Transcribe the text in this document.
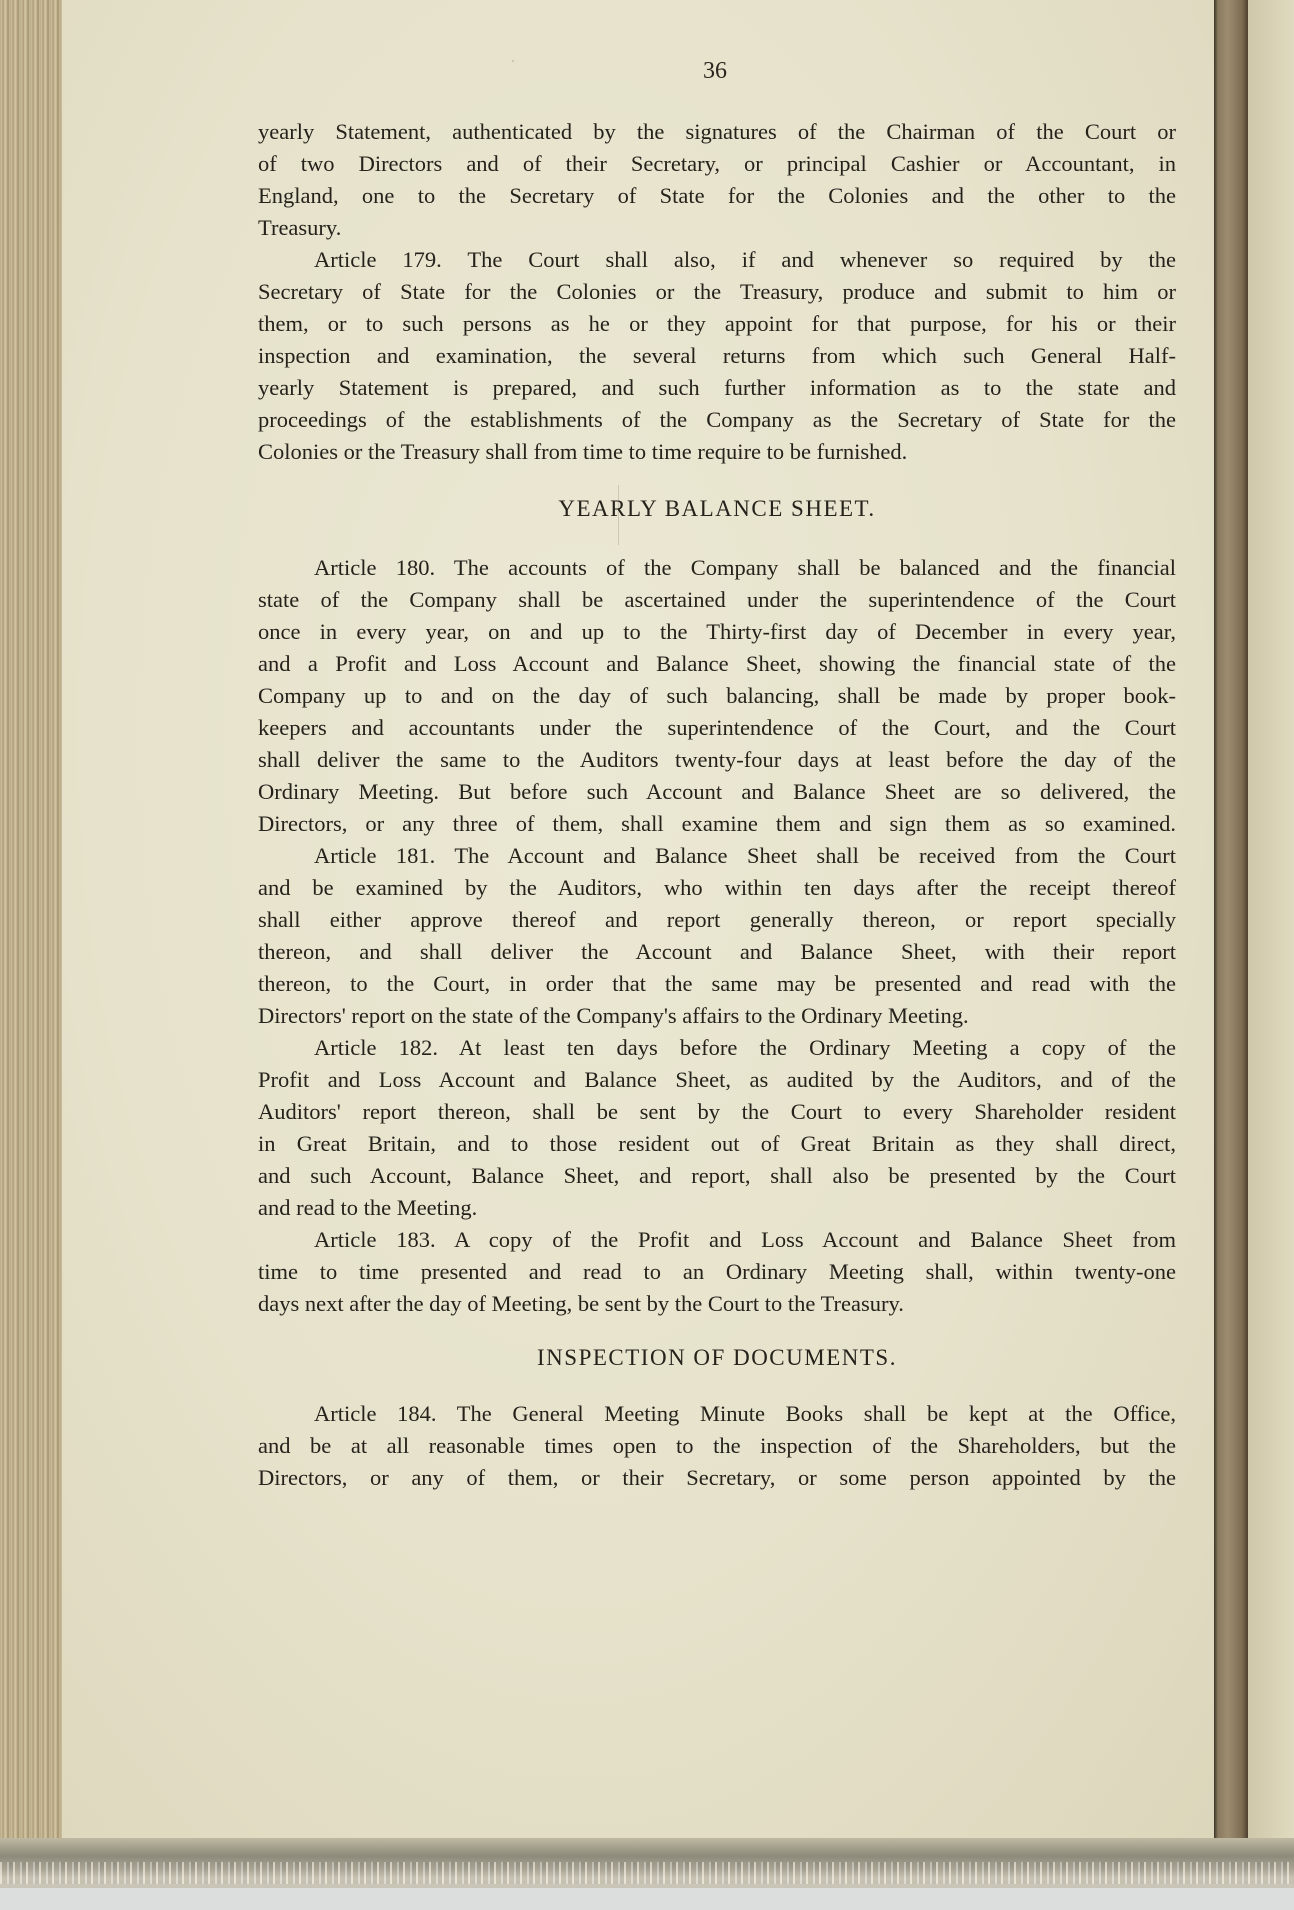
36
yearly Statement, authenticated by the signatures of the Chairman of the Court or
of two Directors and of their Secretary, or principal Cashier or Accountant, in
England, one to the Secretary of State for the Colonies and the other to the
Treasury.
Article 179. The Court shall also, if and whenever so required by the
Secretary of State for the Colonies or the Treasury, produce and submit to him or
them, or to such persons as he or they appoint for that purpose, for his or their
inspection and examination, the several returns from which such General Half-
yearly Statement is prepared, and such further information as to the state and
proceedings of the establishments of the Company as the Secretary of State for the
Colonies or the Treasury shall from time to time require to be furnished.
YEARLY BALANCE SHEET.
Article 180. The accounts of the Company shall be balanced and the financial
state of the Company shall be ascertained under the superintendence of the Court
once in every year, on and up to the Thirty-first day of December in every year,
and a Profit and Loss Account and Balance Sheet, showing the financial state of the
Company up to and on the day of such balancing, shall be made by proper book-
keepers and accountants under the superintendence of the Court, and the Court
shall deliver the same to the Auditors twenty-four days at least before the day of the
Ordinary Meeting. But before such Account and Balance Sheet are so delivered, the
Directors, or any three of them, shall examine them and sign them as so examined.
Article 181. The Account and Balance Sheet shall be received from the Court
and be examined by the Auditors, who within ten days after the receipt thereof
shall either approve thereof and report generally thereon, or report specially
thereon, and shall deliver the Account and Balance Sheet, with their report
thereon, to the Court, in order that the same may be presented and read with the
Directors' report on the state of the Company's affairs to the Ordinary Meeting.
Article 182. At least ten days before the Ordinary Meeting a copy of the
Profit and Loss Account and Balance Sheet, as audited by the Auditors, and of the
Auditors' report thereon, shall be sent by the Court to every Shareholder resident
in Great Britain, and to those resident out of Great Britain as they shall direct,
and such Account, Balance Sheet, and report, shall also be presented by the Court
and read to the Meeting.
Article 183. A copy of the Profit and Loss Account and Balance Sheet from
time to time presented and read to an Ordinary Meeting shall, within twenty-one
days next after the day of Meeting, be sent by the Court to the Treasury.
INSPECTION OF DOCUMENTS.
Article 184. The General Meeting Minute Books shall be kept at the Office,
and be at all reasonable times open to the inspection of the Shareholders, but the
Directors, or any of them, or their Secretary, or some person appointed by the
